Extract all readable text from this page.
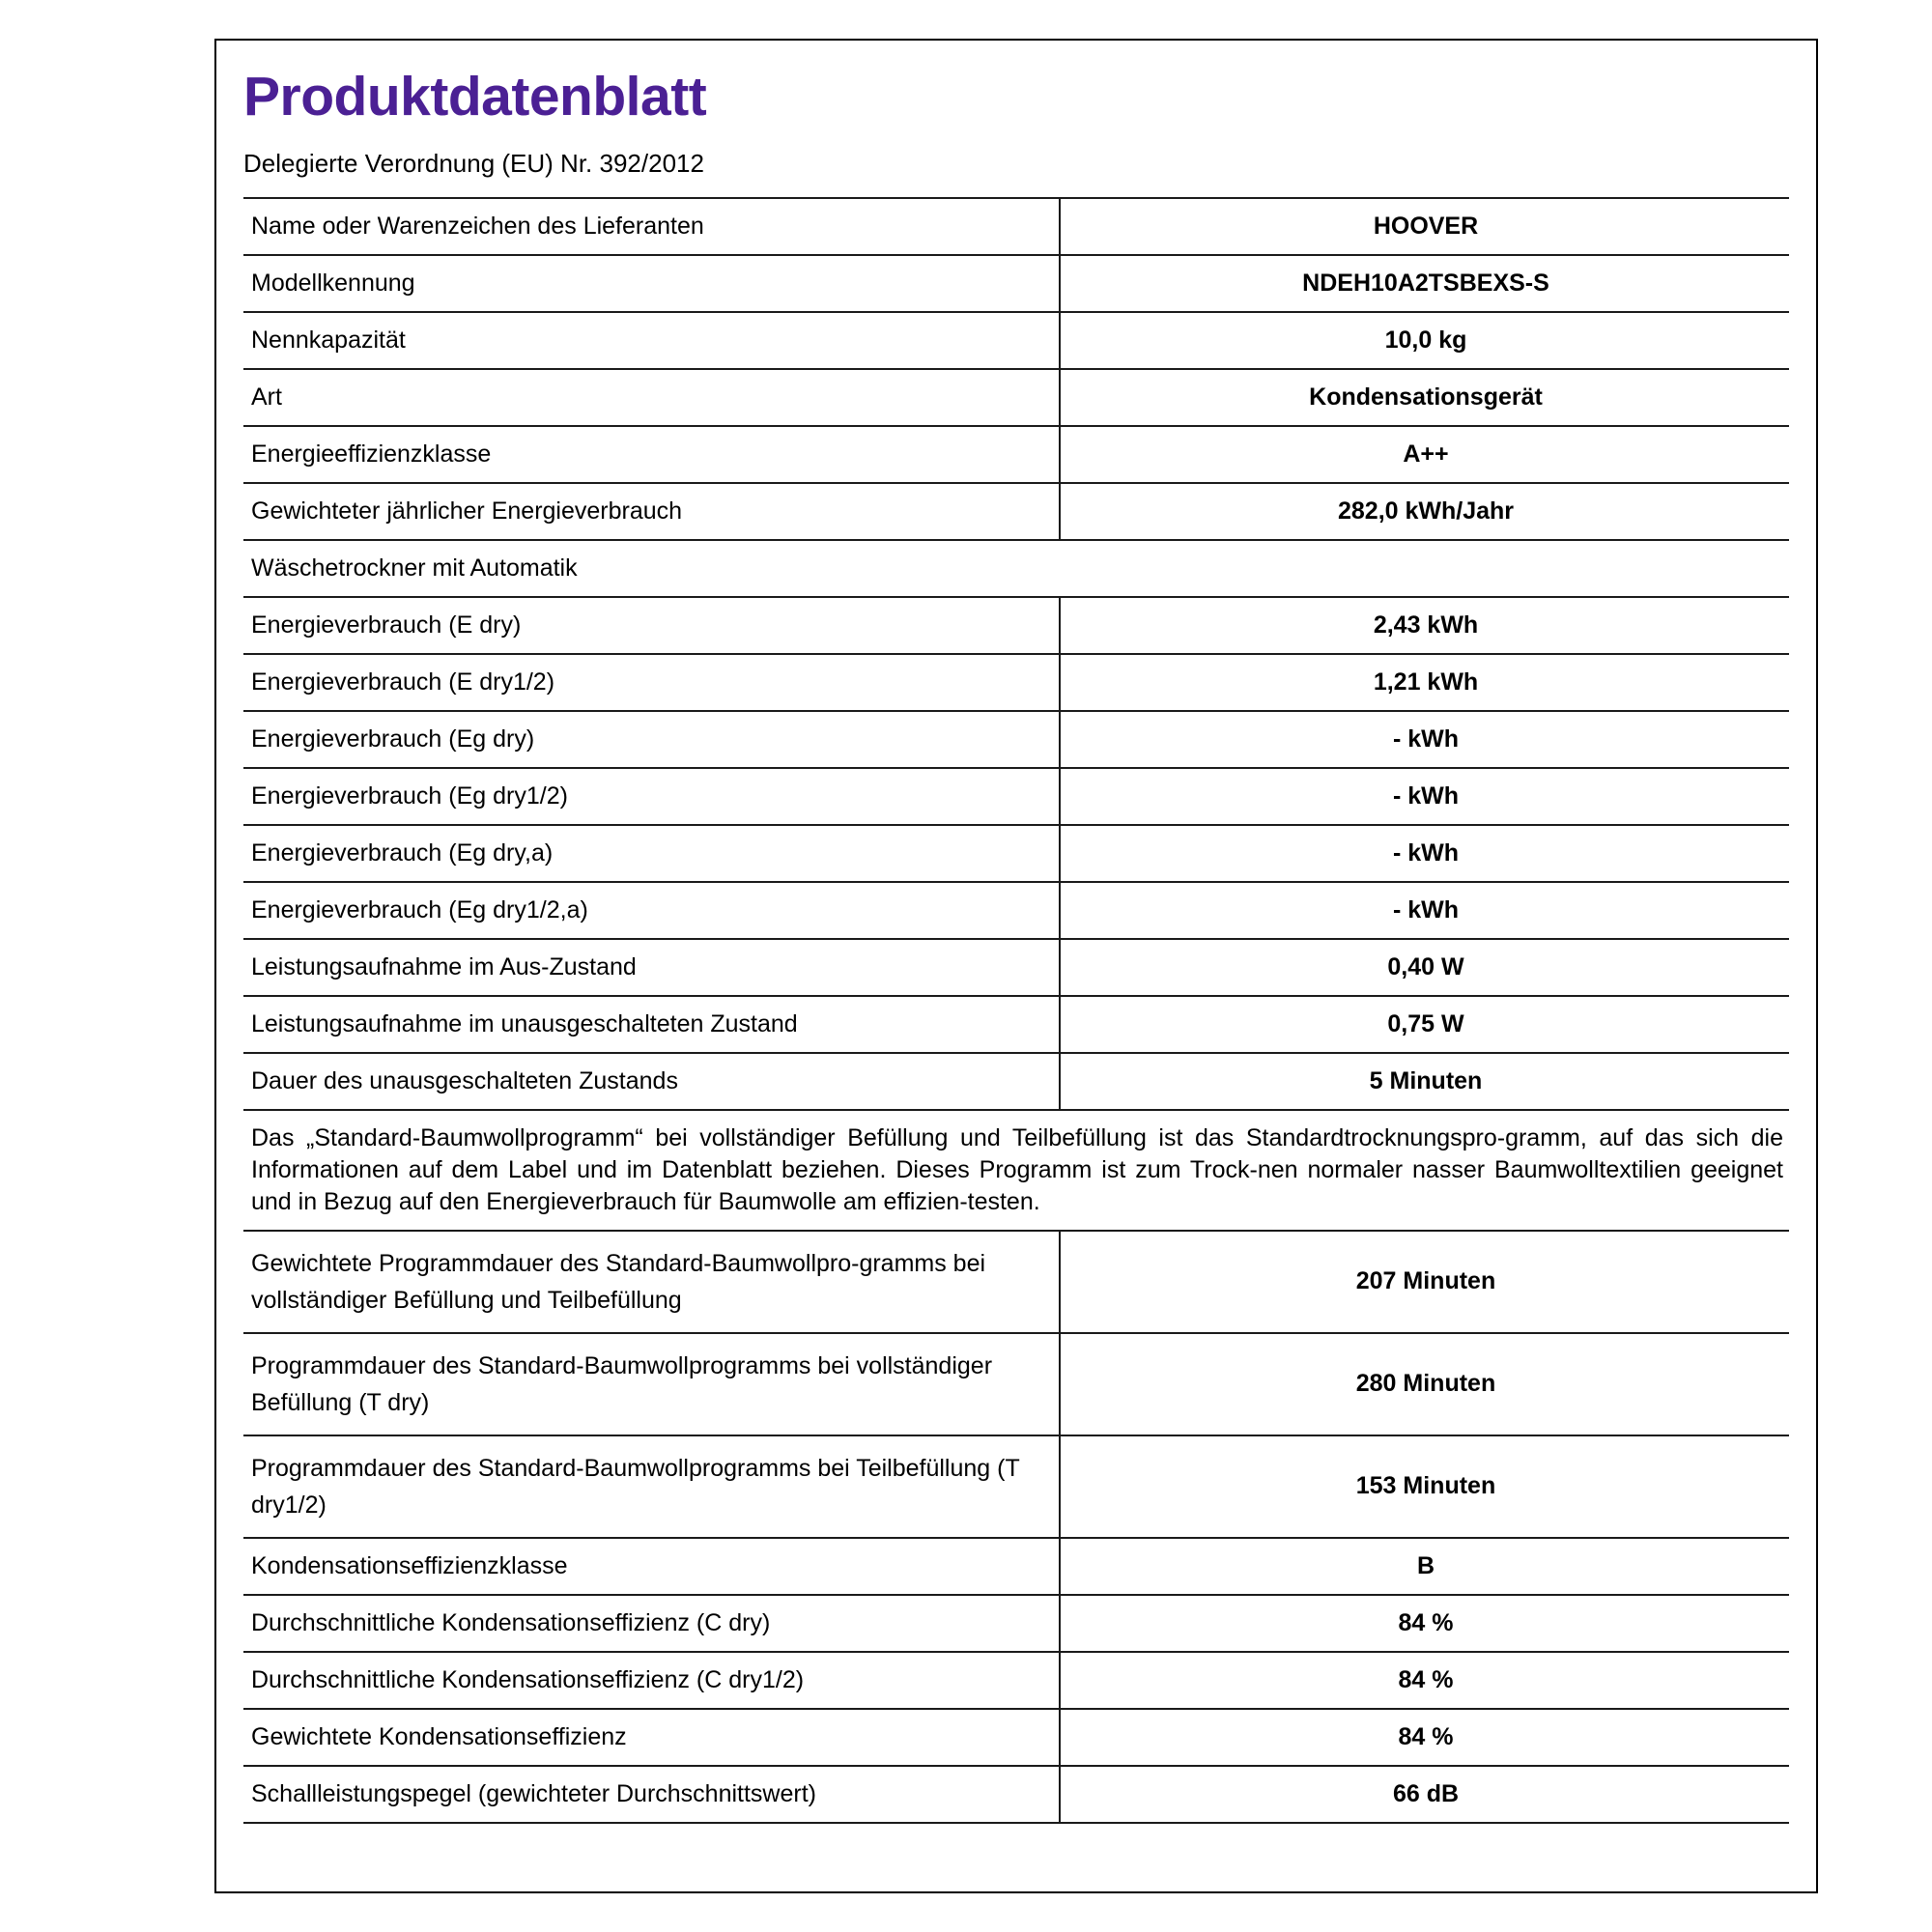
Produktdatenblatt
Delegierte Verordnung (EU) Nr. 392/2012
Name oder Warenzeichen des Lieferanten	HOOVER
Modellkennung	NDEH10A2TSBEXS-S
Nennkapazität	10,0 kg
Art	Kondensationsgerät
Energieeffizienzklasse	A++
Gewichteter jährlicher Energieverbrauch	282,0 kWh/Jahr
Wäschetrockner mit Automatik	
Energieverbrauch (E dry)	2,43 kWh
Energieverbrauch (E dry1/2)	1,21 kWh
Energieverbrauch (Eg dry)	- kWh
Energieverbrauch (Eg dry1/2)	- kWh
Energieverbrauch (Eg dry,a)	- kWh
Energieverbrauch (Eg dry1/2,a)	- kWh
Leistungsaufnahme im Aus-Zustand	0,40 W
Leistungsaufnahme im unausgeschalteten Zustand	0,75 W
Dauer des unausgeschalteten Zustands	5 Minuten
Das „Standard-Baumwollprogramm“ bei vollständiger Befüllung und Teilbefüllung ist das Standardtrocknungspro-gramm, auf das sich die Informationen auf dem Label und im Datenblatt beziehen. Dieses Programm ist zum Trock-nen normaler nasser Baumwolltextilien geeignet und in Bezug auf den Energieverbrauch für Baumwolle am effizien-testen.	
Gewichtete Programmdauer des Standard-Baumwollpro-gramms bei vollständiger Befüllung und Teilbefüllung	207 Minuten
Programmdauer des Standard-Baumwollprogramms bei vollständiger Befüllung (T dry)	280 Minuten
Programmdauer des Standard-Baumwollprogramms bei Teilbefüllung (T dry1/2)	153 Minuten
Kondensationseffizienzklasse	B
Durchschnittliche Kondensationseffizienz (C dry)	84 %
Durchschnittliche Kondensationseffizienz (C dry1/2)	84 %
Gewichtete Kondensationseffizienz	84 %
Schallleistungspegel (gewichteter Durchschnittswert)	66 dB
